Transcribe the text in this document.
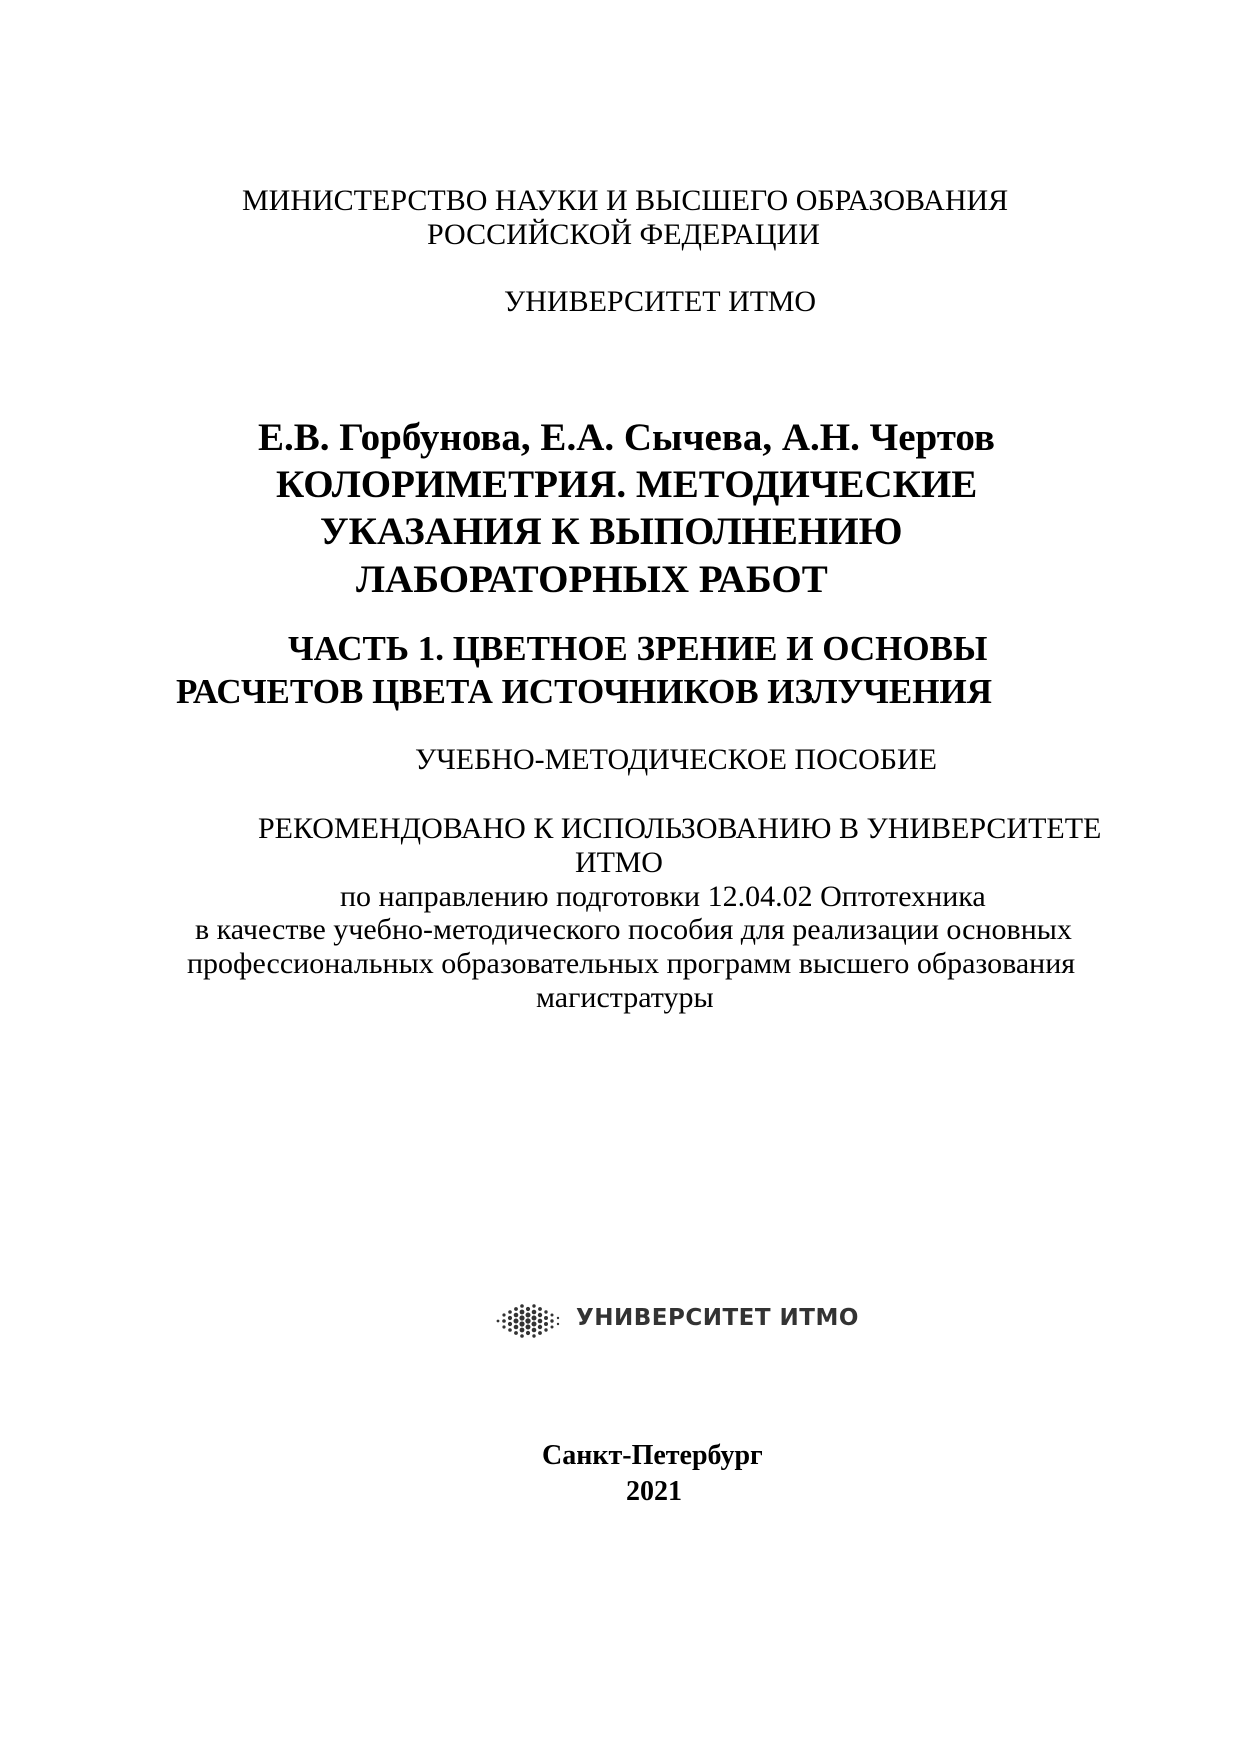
МИНИСТЕРСТВО НАУКИ И ВЫСШЕГО ОБРАЗОВАНИЯ
РОССИЙСКОЙ ФЕДЕРАЦИИ
УНИВЕРСИТЕТ ИТМО
Е.В. Горбунова, Е.А. Сычева, А.Н. Чертов
КОЛОРИМЕТРИЯ. МЕТОДИЧЕСКИЕ
УКАЗАНИЯ К ВЫПОЛНЕНИЮ
ЛАБОРАТОРНЫХ РАБОТ
ЧАСТЬ 1. ЦВЕТНОЕ ЗРЕНИЕ И ОСНОВЫ
РАСЧЕТОВ ЦВЕТА ИСТОЧНИКОВ ИЗЛУЧЕНИЯ
УЧЕБНО-МЕТОДИЧЕСКОЕ ПОСОБИЕ
РЕКОМЕНДОВАНО К ИСПОЛЬЗОВАНИЮ В УНИВЕРСИТЕТЕ
ИТМО
по направлению подготовки 12.04.02 Оптотехника
в качестве учебно-методического пособия для реализации основных
профессиональных образовательных программ высшего образования
магистратуры
УНИВЕРСИТЕТ ИТМО
Санкт-Петербург
2021
